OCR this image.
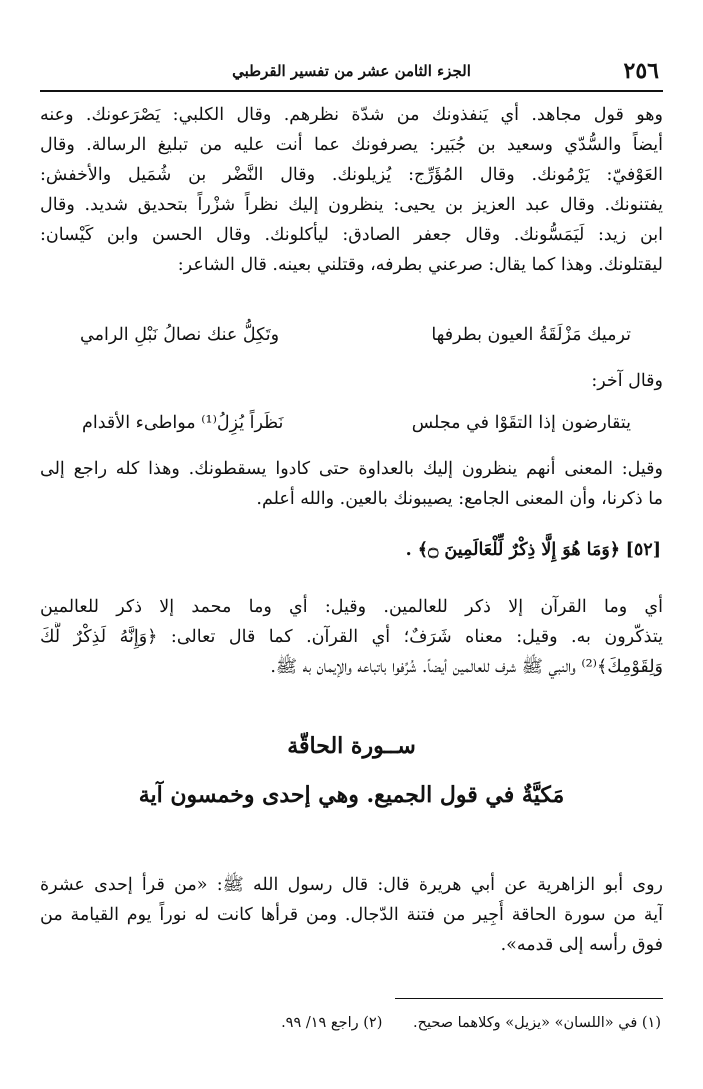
٢٥٦
الجزء الثامن عشر من تفسير القرطبي
وهو قول مجاهد. أي يَنفذونك من شدّة نظرهم. وقال الكلبي: يَصْرَعونك. وعنه
أيضاً والسُّدّي وسعيد بن جُبَير: يصرفونك عما أنت عليه من تبليغ الرسالة. وقال
العَوْفيّ: يَرْمُونك. وقال المُؤَرِّج: يُزيلونك. وقال النَّضْر بن شُمَيل والأخفش:
يفتنونك. وقال عبد العزيز بن يحيى: ينظرون إليك نظراً شزْراً بتحديق شديد. وقال
ابن زيد: لَيَمَسُّونك. وقال جعفر الصادق: ليأكلونك. وقال الحسن وابن كَيْسان:
ليقتلونك. وهذا كما يقال: صرعني بطرفه، وقتلني بعينه. قال الشاعر:
ترميك مَزْلَقَةُ العيون بطرفها
وتَكِلُّ عنك نصالُ نَبْلِ الرامي
وقال آخر:
يتقارضون إذا التقَوْا في مجلس
نَظَراً يُزِلُ⁽¹⁾ مواطىء الأقدام
وقيل: المعنى أنهم ينظرون إليك بالعداوة حتى كادوا يسقطونك. وهذا كله راجع إلى
ما ذكرنا، وأن المعنى الجامع: يصيبونك بالعين. والله أعلم.
[٥٢] ﴿وَمَا هُوَ إِلَّا ذِكْرٌ لِّلْعَالَمِينَ ۝﴾ .
أي وما القرآن إلا ذكر للعالمين. وقيل: أي وما محمد إلا ذكر للعالمين
يتذكّرون به. وقيل: معناه شَرَفٌ؛ أي القرآن. كما قال تعالى: ﴿وَإِنَّهُ لَذِكْرٌ لَّكَ
وَلِقَوْمِكَ﴾⁽²⁾ والنبي ﷺ شرف للعالمين أيضاً. شُرِّفوا باتباعه والإيمان به ﷺ.
ســورة الحاقّة
مَكيَّةٌ في قول الجميع. وهي إحدى وخمسون آية
روى أبو الزاهرية عن أبي هريرة قال: قال رسول الله ﷺ: «من قرأ إحدى عشرة
آية من سورة الحاقة أُجِير من فتنة الدّجال. ومن قرأها كانت له نوراً يوم القيامة من
فوق رأسه إلى قدمه».
(١) في «اللسان» «يزيل» وكلاهما صحيح. (٢) راجع ١٩/ ٩٩.
